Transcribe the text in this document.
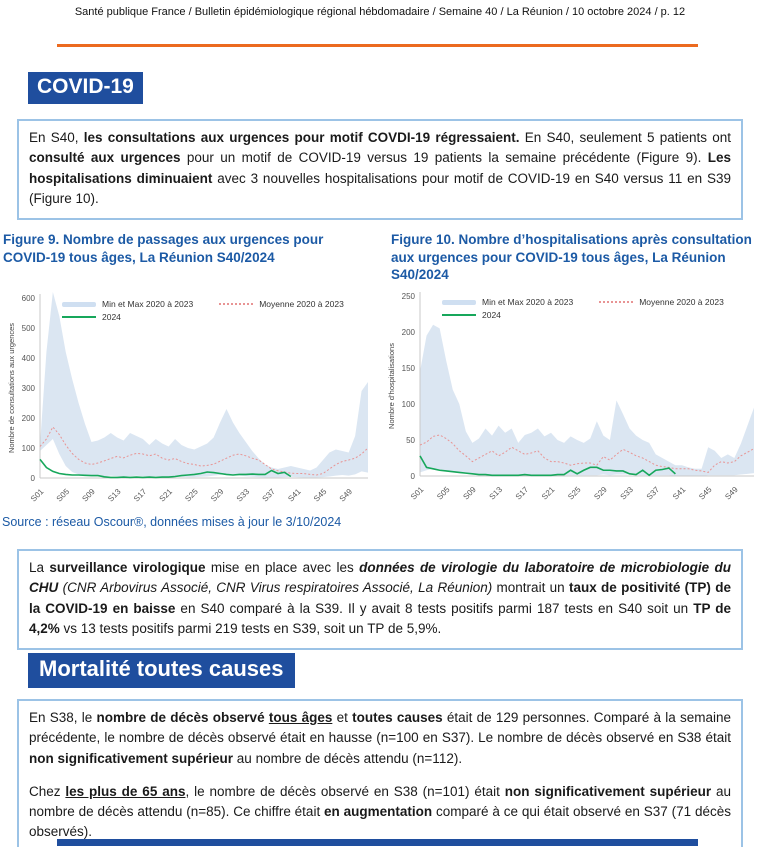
Santé publique France / Bulletin épidémiologique régional hébdomadaire / Semaine 40 / La Réunion / 10 octobre 2024 / p. 12
COVID-19
En S40, les consultations aux urgences pour motif COVDI-19 régressaient. En S40, seulement 5 patients ont consulté aux urgences pour un motif de COVID-19 versus 19 patients la semaine précédente (Figure 9). Les hospitalisations diminuaient avec 3 nouvelles hospitalisations pour motif de COVID-19 en S40 versus 11 en S39 (Figure 10).
Figure 9. Nombre de passages aux urgences pour COVID-19 tous âges, La Réunion S40/2024
Figure 10. Nombre d’hospitalisations après consultation aux urgences pour COVID-19 tous âges, La Réunion S40/2024
0
100
200
300
400
500
600
Nombre de consultations aux urgences
S01 S05 S09 S13 S17 S21 S25 S29 S33 S37 S41 S45 S49
Min et Max 2020 à 2023	Moyenne 2020 à 2023
2024
0
50
100
150
200
250
Nombre d’hospitalisations
S01 S05 S09 S13 S17 S21 S25 S29 S33 S37 S41 S45 S49
Min et Max 2020 à 2023	Moyenne 2020 à 2023
2024
Source : réseau Oscour®, données mises à jour le 3/10/2024
La surveillance virologique mise en place avec les données de virologie du laboratoire de microbiologie du CHU (CNR Arbovirus Associé, CNR Virus respiratoires Associé, La Réunion) montrait un taux de positivité (TP) de la COVID-19 en baisse en S40 comparé à la S39. Il y avait 8 tests positifs parmi 187 tests en S40 soit un TP de 4,2% vs 13 tests positifs parmi 219 tests en S39, soit un TP de 5,9%.
Mortalité toutes causes
En S38, le nombre de décès observé tous âges et toutes causes était de 129 personnes. Comparé à la semaine précédente, le nombre de décès observé était en hausse (n=100 en S37). Le nombre de décès observé en S38 était non significativement supérieur au nombre de décès attendu (n=112).
Chez les plus de 65 ans, le nombre de décès observé en S38 (n=101) était non significativement supérieur au nombre de décès attendu (n=85). Ce chiffre était en augmentation comparé à ce qui était observé en S37 (71 décès observés).
